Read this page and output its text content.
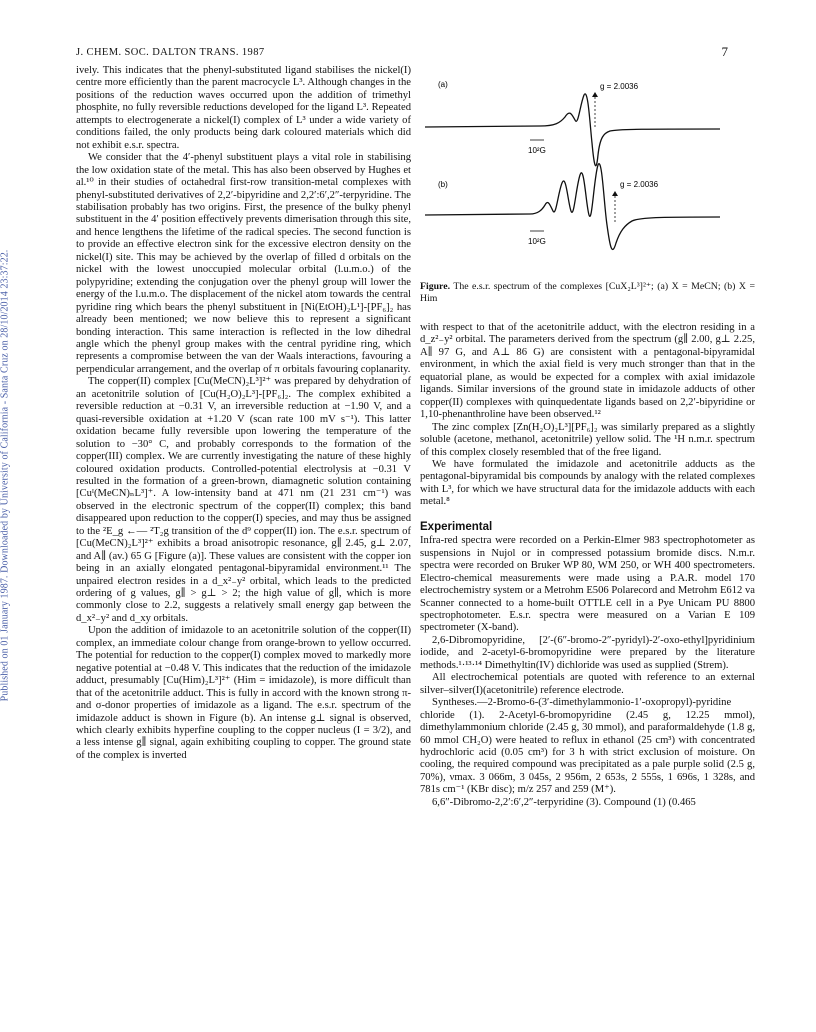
Published on 01 January 1987. Downloaded by University of California - Santa Cruz on 28/10/2014 23:37:22.
J. CHEM. SOC. DALTON TRANS. 1987	7

ively. This indicates that the phenyl-substituted ligand stabilises the nickel(I) centre more efficiently than the parent macrocycle L³. Although changes in the positions of the reduction waves occurred upon the addition of trimethyl phosphite, no fully reversible reductions developed for the ligand L³. Repeated attempts to electrogenerate a nickel(I) complex of L³ under a wide variety of conditions failed, the only products being dark coloured materials which did not exhibit e.s.r. spectra.

We consider that the 4′-phenyl substituent plays a vital role in stabilising the low oxidation state of the metal. This has also been observed by Hughes et al.¹⁰ in their studies of octahedral first-row transition-metal complexes with phenyl-substituted derivatives of 2,2′-bipyridine and 2,2′:6′,2″-terpyridine. The stabilisation probably has two origins. First, the presence of the bulky phenyl substituent in the 4′ position effectively prevents dimerisation through this site, and hence lengthens the lifetime of the radical species. The second function is to provide an effective electron sink for the excessive electron density on the nickel(I) site. This may be achieved by the overlap of filled d orbitals on the nickel with the lowest unoccupied molecular orbital (l.u.m.o.) of the polypyridine; extending the conjugation over the phenyl group will lower the energy of the l.u.m.o. The displacement of the nickel atom towards the central pyridine ring which bears the phenyl substituent in [Ni(EtOH)₂L¹]-[PF₆]₂ has already been mentioned; we now believe this to represent a significant bonding interaction. This same interaction is reflected in the low dihedral angle which the phenyl group makes with the central pyridine ring, which represents a compromise between the van der Waals interactions, favouring a perpendicular arrangement, and the overlap of π orbitals favouring coplanarity.

The copper(II) complex [Cu(MeCN)₂L³]²⁺ was prepared by dehydration of an acetonitrile solution of [Cu(H₂O)₂L³]-[PF₆]₂. The complex exhibited a reversible reduction at −0.31 V, an irreversible reduction at −1.90 V, and a quasi-reversible oxidation at +1.20 V (scan rate 100 mV s⁻¹). This latter oxidation became fully reversible upon lowering the temperature of the solution to −30° C, and probably corresponds to the formation of the copper(III) complex. We are currently investigating the nature of these highly coloured oxidation products. Controlled-potential electrolysis at −0.31 V resulted in the formation of a green-brown, diamagnetic solution containing [Cuᴵ(MeCN)ₙL³]⁺. A low-intensity band at 471 nm (21 231 cm⁻¹) was observed in the electronic spectrum of the copper(II) complex; this band disappeared upon reduction to the copper(I) species, and may thus be assigned to the ²E_g ←— ²T₂g transition of the d⁹ copper(II) ion. The e.s.r. spectrum of [Cu(MeCN)₂L³]²⁺ exhibits a broad anisotropic resonance, g∥ 2.45, g⊥ 2.07, and A∥ (av.) 65 G [Figure (a)]. These values are consistent with the copper ion being in an axially elongated pentagonal-bipyramidal environment.¹¹ The unpaired electron resides in a d_x²₋y² orbital, which leads to the predicted ordering of g values, g∥ > g⊥ > 2; the high value of g∥, which is more commonly close to 2.2, suggests a relatively small energy gap between the d_x²₋y² and d_xy orbitals.

Upon the addition of imidazole to an acetonitrile solution of the copper(II) complex, an immediate colour change from orange-brown to yellow occurred. The potential for reduction to the copper(I) complex moved to markedly more negative potential at −0.48 V. This indicates that the reduction of the imidazole adduct, presumably [Cu(Him)₂L³]²⁺ (Him = imidazole), is more difficult than that of the acetonitrile adduct. This is fully in accord with the known strong π- and σ-donor properties of imidazole as a ligand. The e.s.r. spectrum of the imidazole adduct is shown in Figure (b). An intense g⊥ signal is observed, which clearly exhibits hyperfine coupling to the copper nucleus (I = 3/2), and a less intense g∥ signal, again exhibiting coupling to copper. The ground state of the complex is inverted

(a)	g = 2.0036
10²G
(b)	g = 2.0036
10²G
Figure. The e.s.r. spectrum of the complexes [CuX₂L³]²⁺; (a) X = MeCN; (b) X = Him

with respect to that of the acetonitrile adduct, with the electron residing in a d_z²₋y² orbital. The parameters derived from the spectrum (g∥ 2.00, g⊥ 2.25, A∥ 97 G, and A⊥ 86 G) are consistent with a pentagonal-bipyramidal environment, in which the axial field is very much stronger than that in the equatorial plane, as would be expected for a complex with axial imidazole ligands. Similar inversions of the ground state in imidazole adducts of other copper(II) complexes with quinquedentate ligands based on 2,2′-bipyridine or 1,10-phenanthroline have been observed.¹²

The zinc complex [Zn(H₂O)₂L³][PF₆]₂ was similarly prepared as a slightly soluble (acetone, methanol, acetonitrile) yellow solid. The ¹H n.m.r. spectrum of this complex closely resembled that of the free ligand.

We have formulated the imidazole and acetonitrile adducts as the pentagonal-bipyramidal bis compounds by analogy with the related complexes with L³, for which we have structural data for the imidazole adducts with each metal.⁸

Experimental

Infra-red spectra were recorded on a Perkin-Elmer 983 spectrophotometer as suspensions in Nujol or in compressed potassium bromide discs. N.m.r. spectra were recorded on Bruker WP 80, WM 250, or WH 400 spectrometers. Electro-chemical measurements were made using a P.A.R. model 170 electrochemistry system or a Metrohm E506 Polarecord and Metrohm E612 va Scanner connected to a home-built OTTLE cell in a Pye Unicam PU 8800 spectrophotometer. E.s.r. spectra were measured on a Varian E 109 spectrometer (X-band).

2,6-Dibromopyridine, [2′-(6″-bromo-2″-pyridyl)-2′-oxo-ethyl]pyridinium iodide, and 2-acetyl-6-bromopyridine were prepared by the literature methods.¹·¹³·¹⁴ Dimethyltin(IV) dichloride was used as supplied (Strem).

All electrochemical potentials are quoted with reference to an external silver–silver(I)(acetonitrile) reference electrode.

Syntheses.—2-Bromo-6-(3′-dimethylammonio-1′-oxopropyl)-pyridine chloride (1). 2-Acetyl-6-bromopyridine (2.45 g, 12.25 mmol), dimethylammonium chloride (2.45 g, 30 mmol), and paraformaldehyde (1.8 g, 60 mmol CH₂O) were heated to reflux in ethanol (25 cm³) with concentrated hydrochloric acid (0.05 cm³) for 3 h with strict exclusion of moisture. On cooling, the required compound was precipitated as a pale purple solid (2.5 g, 70%), νmax. 3 066m, 3 045s, 2 956m, 2 653s, 2 555s, 1 696s, 1 328s, and 781s cm⁻¹ (KBr disc); m/z 257 and 259 (M⁺).

6,6″-Dibromo-2,2′:6′,2″-terpyridine (3). Compound (1) (0.465
